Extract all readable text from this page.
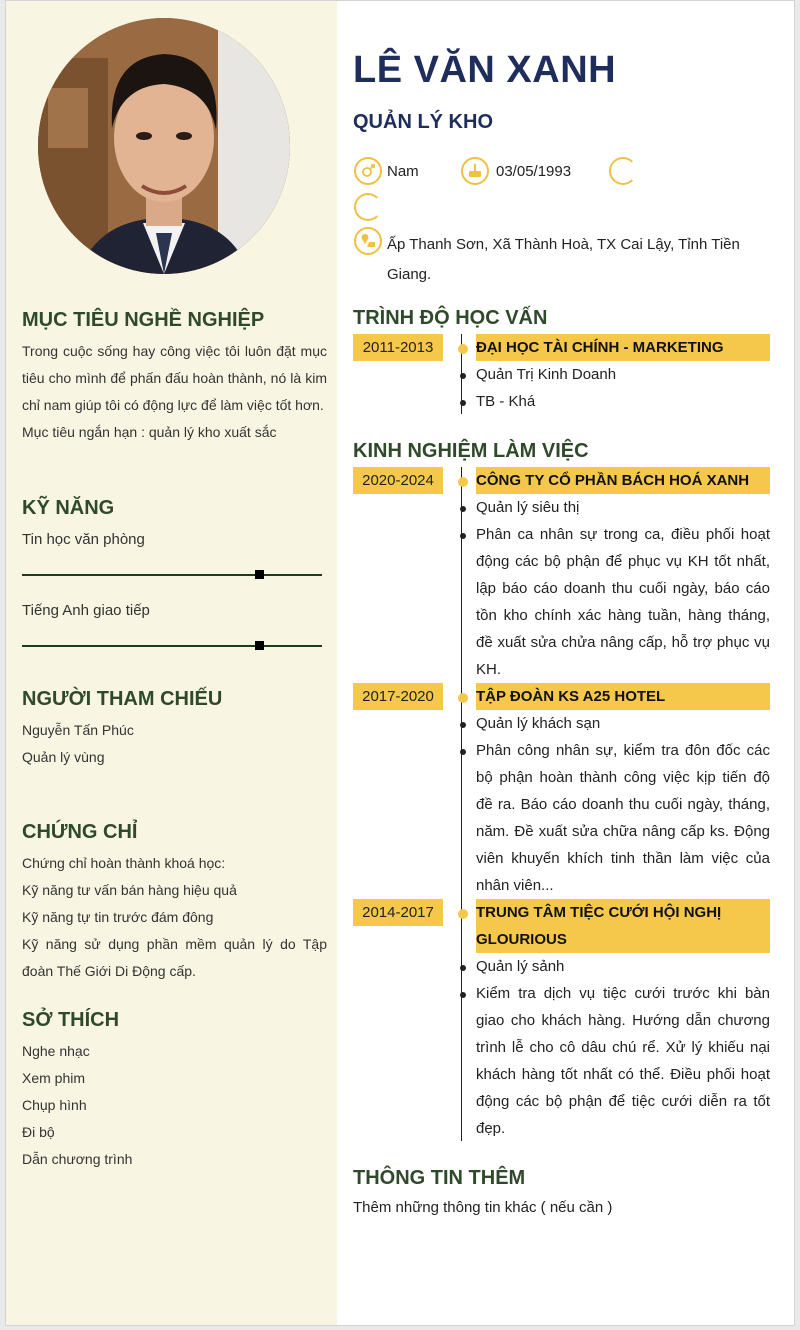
MỤC TIÊU NGHỀ NGHIỆP
Trong cuộc sống hay công việc tôi luôn đặt mục tiêu cho mình để phấn đấu hoàn thành, nó là kim chỉ nam giúp tôi có động lực để làm việc tốt hơn.
Mục tiêu ngắn hạn : quản lý kho xuất sắc
KỸ NĂNG
Tin học văn phòng
Tiếng Anh giao tiếp
NGƯỜI THAM CHIẾU
Nguyễn Tấn Phúc
Quản lý vùng
CHỨNG CHỈ
Chứng chỉ hoàn thành khoá học:
Kỹ năng tư vấn bán hàng hiệu quả
Kỹ năng tự tin trước đám đông
Kỹ năng sử dụng phần mềm quản lý do Tập đoàn Thế Giới Di Động cấp.
SỞ THÍCH
Nghe nhạc
Xem phim
Chụp hình
Đi bộ
Dẫn chương trình
LÊ VĂN XANH
QUẢN LÝ KHO
Nam	03/05/1993
Ấp Thanh Sơn, Xã Thành Hoà, TX Cai Lậy, Tỉnh Tiền Giang.
TRÌNH ĐỘ HỌC VẤN
2011-2013	ĐẠI HỌC TÀI CHÍNH - MARKETING
Quản Trị Kinh Doanh
TB - Khá
KINH NGHIỆM LÀM VIỆC
2020-2024	CÔNG TY CỔ PHẦN BÁCH HOÁ XANH
Quản lý siêu thị
Phân ca nhân sự trong ca, điều phối hoạt động các bộ phận để phục vụ KH tốt nhất, lập báo cáo doanh thu cuối ngày, báo cáo tồn kho chính xác hàng tuần, hàng tháng, đề xuất sửa chửa nâng cấp, hỗ trợ phục vụ KH.
2017-2020	TẬP ĐOÀN KS A25 HOTEL
Quản lý khách sạn
Phân công nhân sự, kiểm tra đôn đốc các bộ phận hoàn thành công việc kịp tiến độ đề ra. Báo cáo doanh thu cuối ngày, tháng, năm. Đề xuất sửa chữa nâng cấp ks. Động viên khuyến khích tinh thần làm việc của nhân viên...
2014-2017	TRUNG TÂM TIỆC CƯỚI HỘI NGHỊ GLOURIOUS
Quản lý sảnh
Kiểm tra dịch vụ tiệc cưới trước khi bàn giao cho khách hàng. Hướng dẫn chương trình lễ cho cô dâu chú rể. Xử lý khiếu nại khách hàng tốt nhất có thể. Điều phối hoạt động các bộ phận để tiệc cưới diễn ra tốt đẹp.
THÔNG TIN THÊM
Thêm những thông tin khác ( nếu cần )
